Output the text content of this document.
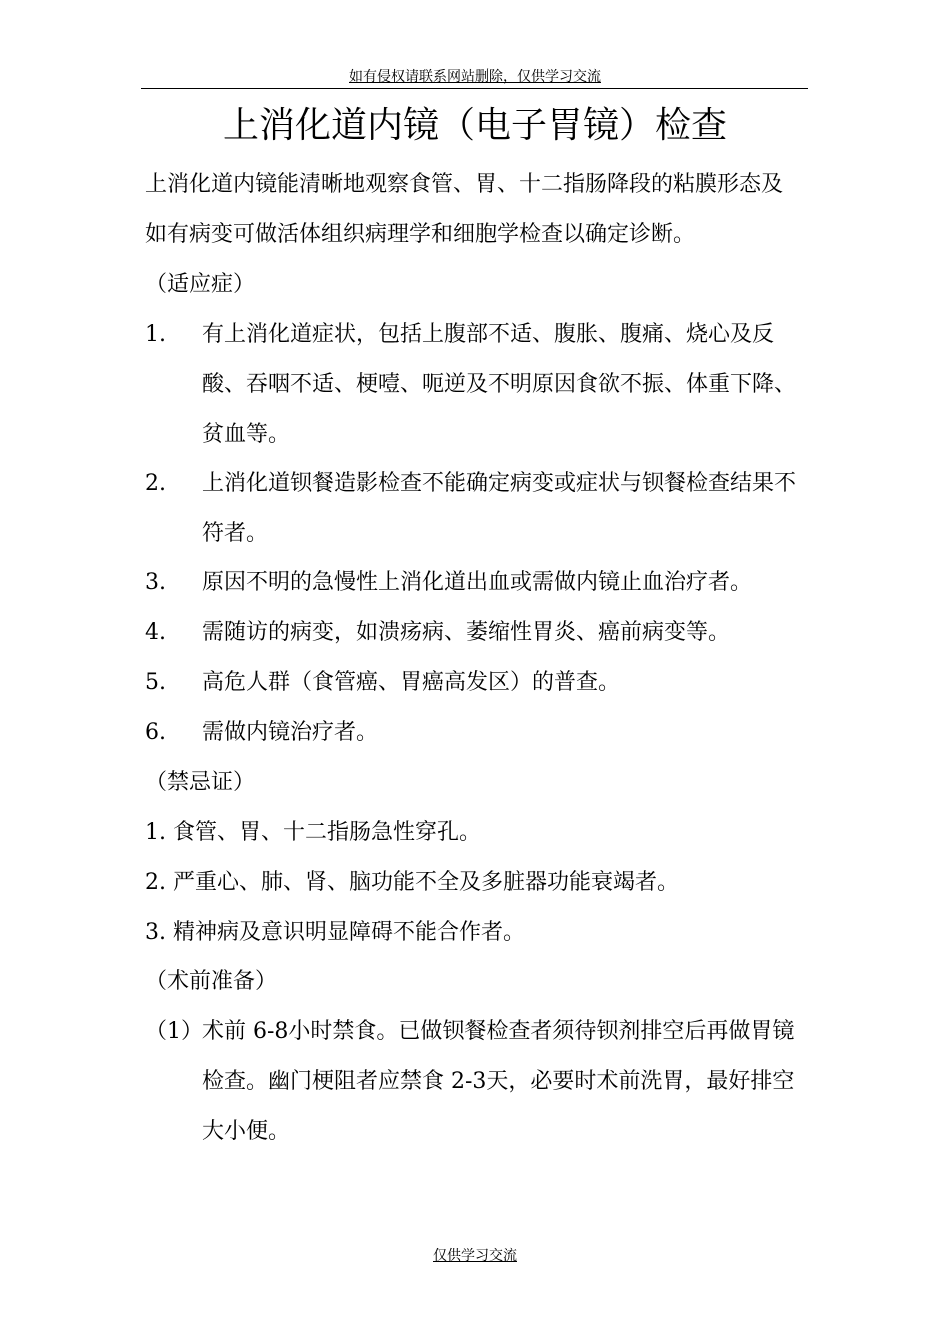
如有侵权请联系网站删除，仅供学习交流
上消化道内镜（电子胃镜）检查
上消化道内镜能清晰地观察食管、胃、十二指肠降段的粘膜形态及
如有病变可做活体组织病理学和细胞学检查以确定诊断。
（适应症）
1. 有上消化道症状，包括上腹部不适、腹胀、腹痛、烧心及反
酸、吞咽不适、梗噎、呃逆及不明原因食欲不振、体重下降、
贫血等。
2. 上消化道钡餐造影检查不能确定病变或症状与钡餐检查结果不
符者。
3. 原因不明的急慢性上消化道出血或需做内镜止血治疗者。
4. 需随访的病变，如溃疡病、萎缩性胃炎、癌前病变等。
5. 高危人群（食管癌、胃癌高发区）的普查。
6. 需做内镜治疗者。
（禁忌证）
1. 食管、胃、十二指肠急性穿孔。
2. 严重心、肺、肾、脑功能不全及多脏器功能衰竭者。
3. 精神病及意识明显障碍不能合作者。
（术前准备）
（1） 术前 6-8小时禁食。已做钡餐检查者须待钡剂排空后再做胃镜
检查。幽门梗阻者应禁食 2-3天，必要时术前洗胃，最好排空
大小便。
仅供学习交流
